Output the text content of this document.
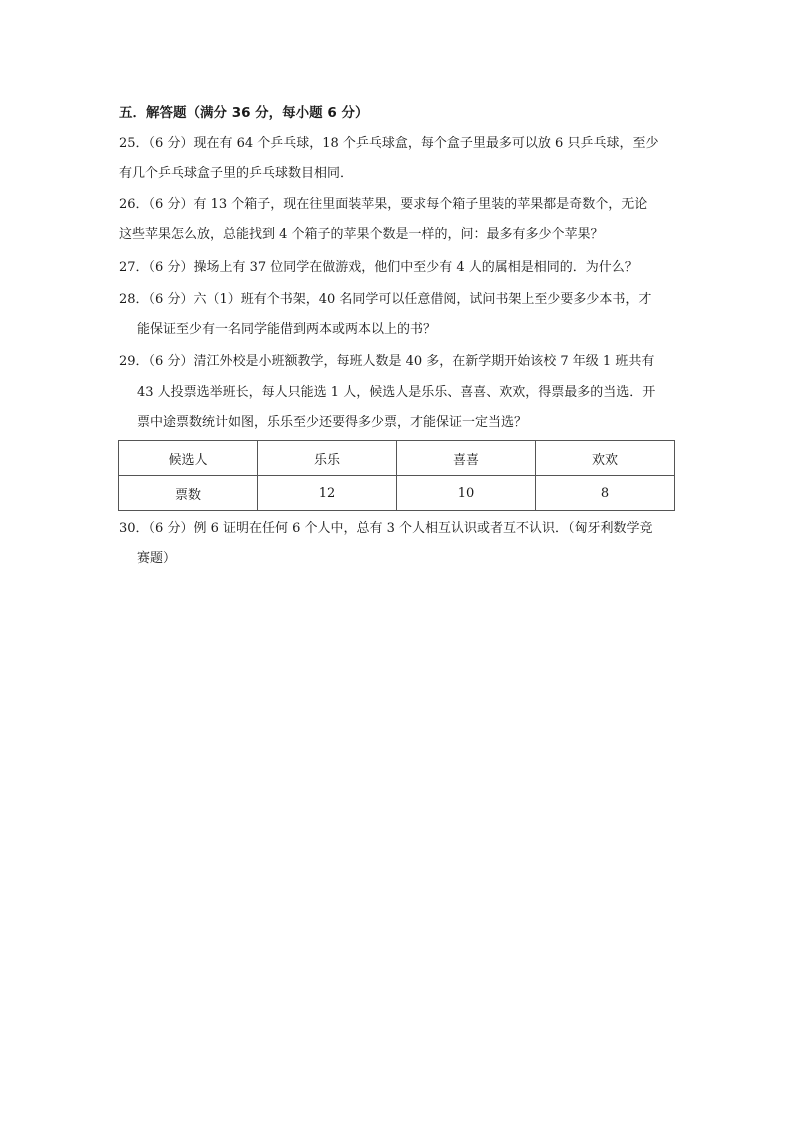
五．解答题（满分 36 分，每小题 6 分）
25．（6 分）现在有 64 个乒乓球，18 个乒乓球盒，每个盒子里最多可以放 6 只乒乓球，至少
有几个乒乓球盒子里的乒乓球数目相同．
26．（6 分）有 13 个箱子，现在往里面装苹果，要求每个箱子里装的苹果都是奇数个，无论
这些苹果怎么放，总能找到 4 个箱子的苹果个数是一样的，问：最多有多少个苹果？
27．（6 分）操场上有 37 位同学在做游戏，他们中至少有 4 人的属相是相同的．为什么？
28．（6 分）六（1）班有个书架，40 名同学可以任意借阅，试问书架上至少要多少本书，才
能保证至少有一名同学能借到两本或两本以上的书？
29．（6 分）清江外校是小班额教学，每班人数是 40 多，在新学期开始该校 7 年级 1 班共有
43 人投票选举班长，每人只能选 1 人，候选人是乐乐、喜喜、欢欢，得票最多的当选．开
票中途票数统计如图，乐乐至少还要得多少票，才能保证一定当选？
候选人	乐乐	喜喜	欢欢
票数	12	10	8
30．（6 分）例 6 证明在任何 6 个人中，总有 3 个人相互认识或者互不认识．（匈牙利数学竞
赛题）
